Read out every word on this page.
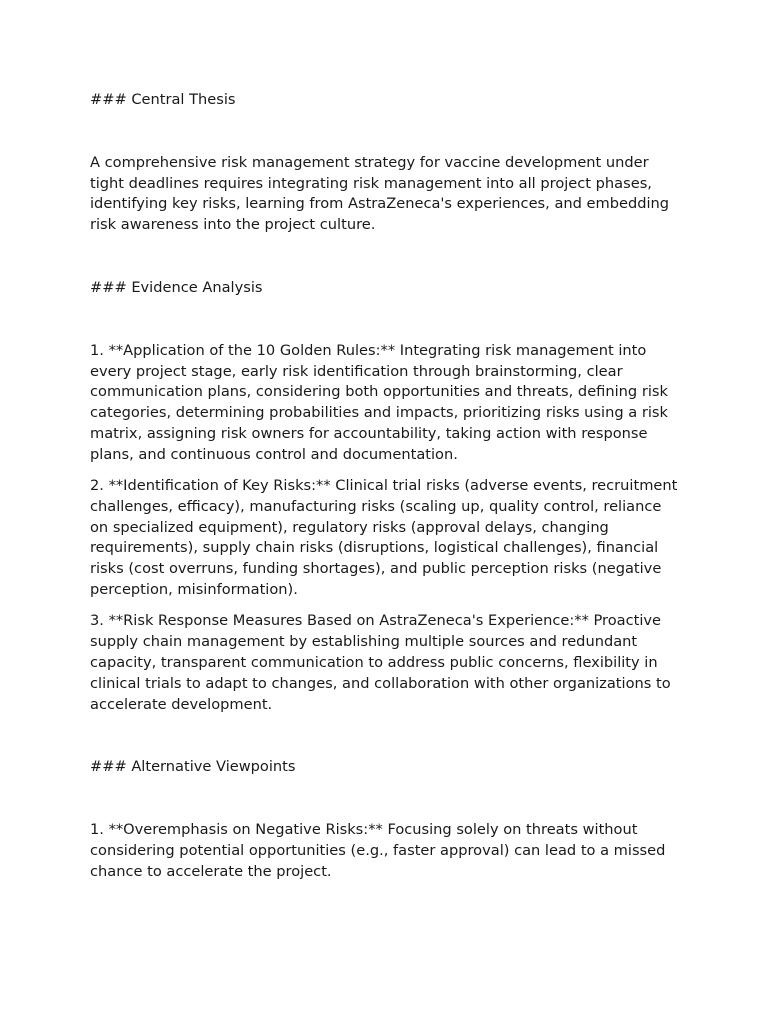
### Central Thesis

A comprehensive risk management strategy for vaccine development under tight deadlines requires integrating risk management into all project phases, identifying key risks, learning from AstraZeneca's experiences, and embedding risk awareness into the project culture.

### Evidence Analysis

1. **Application of the 10 Golden Rules:** Integrating risk management into every project stage, early risk identification through brainstorming, clear communication plans, considering both opportunities and threats, defining risk categories, determining probabilities and impacts, prioritizing risks using a risk matrix, assigning risk owners for accountability, taking action with response plans, and continuous control and documentation.

2. **Identification of Key Risks:** Clinical trial risks (adverse events, recruitment challenges, efficacy), manufacturing risks (scaling up, quality control, reliance on specialized equipment), regulatory risks (approval delays, changing requirements), supply chain risks (disruptions, logistical challenges), financial risks (cost overruns, funding shortages), and public perception risks (negative perception, misinformation).

3. **Risk Response Measures Based on AstraZeneca's Experience:** Proactive supply chain management by establishing multiple sources and redundant capacity, transparent communication to address public concerns, flexibility in clinical trials to adapt to changes, and collaboration with other organizations to accelerate development.

### Alternative Viewpoints

1. **Overemphasis on Negative Risks:** Focusing solely on threats without considering potential opportunities (e.g., faster approval) can lead to a missed chance to accelerate the project.
